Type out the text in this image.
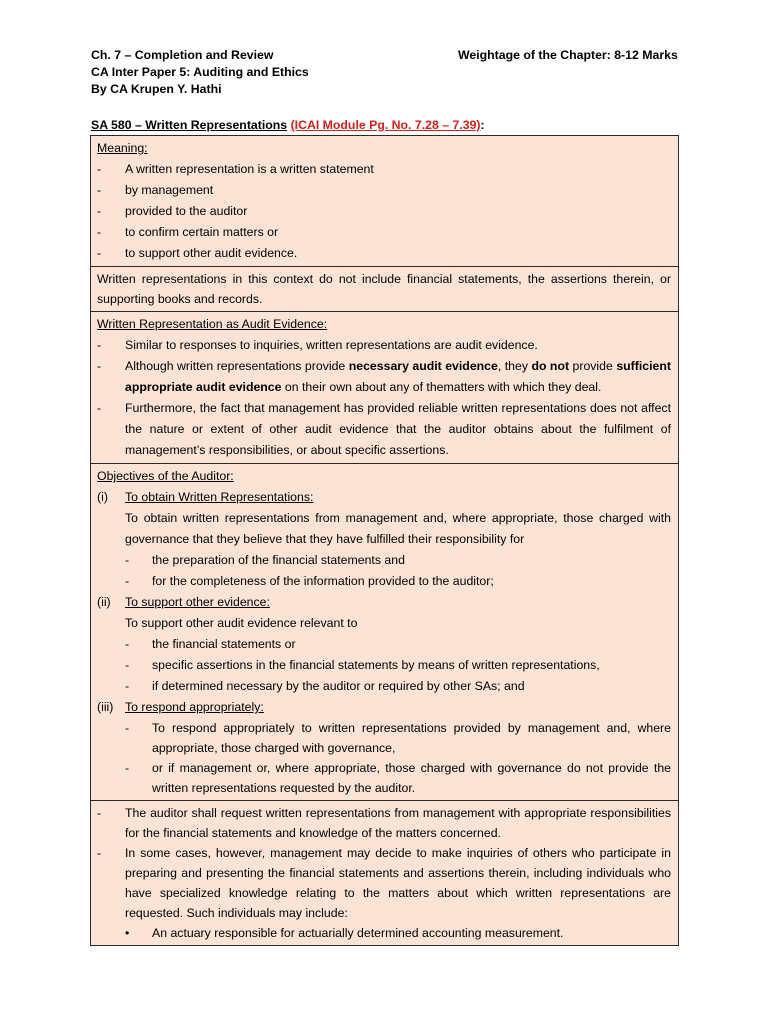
Ch. 7 – Completion and Review
CA Inter Paper 5: Auditing and Ethics
By CA Krupen Y. Hathi
Weightage of the Chapter: 8-12 Marks
SA 580 – Written Representations (ICAI Module Pg. No. 7.28 – 7.39):
Meaning:
- A written representation is a written statement
- by management
- provided to the auditor
- to confirm certain matters or
- to support other audit evidence.

Written representations in this context do not include financial statements, the assertions therein, or supporting books and records.

Written Representation as Audit Evidence:
- Similar to responses to inquiries, written representations are audit evidence.
- Although written representations provide necessary audit evidence, they do not provide sufficient appropriate audit evidence on their own about any of thematters with which they deal.
- Furthermore, the fact that management has provided reliable written representations does not affect the nature or extent of other audit evidence that the auditor obtains about the fulfilment of management’s responsibilities, or about specific assertions.

Objectives of the Auditor:
(i) To obtain Written Representations:
To obtain written representations from management and, where appropriate, those charged with governance that they believe that they have fulfilled their responsibility for
- the preparation of the financial statements and
- for the completeness of the information provided to the auditor;
(ii) To support other evidence:
To support other audit evidence relevant to
- the financial statements or
- specific assertions in the financial statements by means of written representations,
- if determined necessary by the auditor or required by other SAs; and
(iii) To respond appropriately:
- To respond appropriately to written representations provided by management and, where appropriate, those charged with governance,
- or if management or, where appropriate, those charged with governance do not provide the written representations requested by the auditor.

- The auditor shall request written representations from management with appropriate responsibilities for the financial statements and knowledge of the matters concerned.
- In some cases, however, management may decide to make inquiries of others who participate in preparing and presenting the financial statements and assertions therein, including individuals who have specialized knowledge relating to the matters about which written representations are requested. Such individuals may include:
• An actuary responsible for actuarially determined accounting measurement.
